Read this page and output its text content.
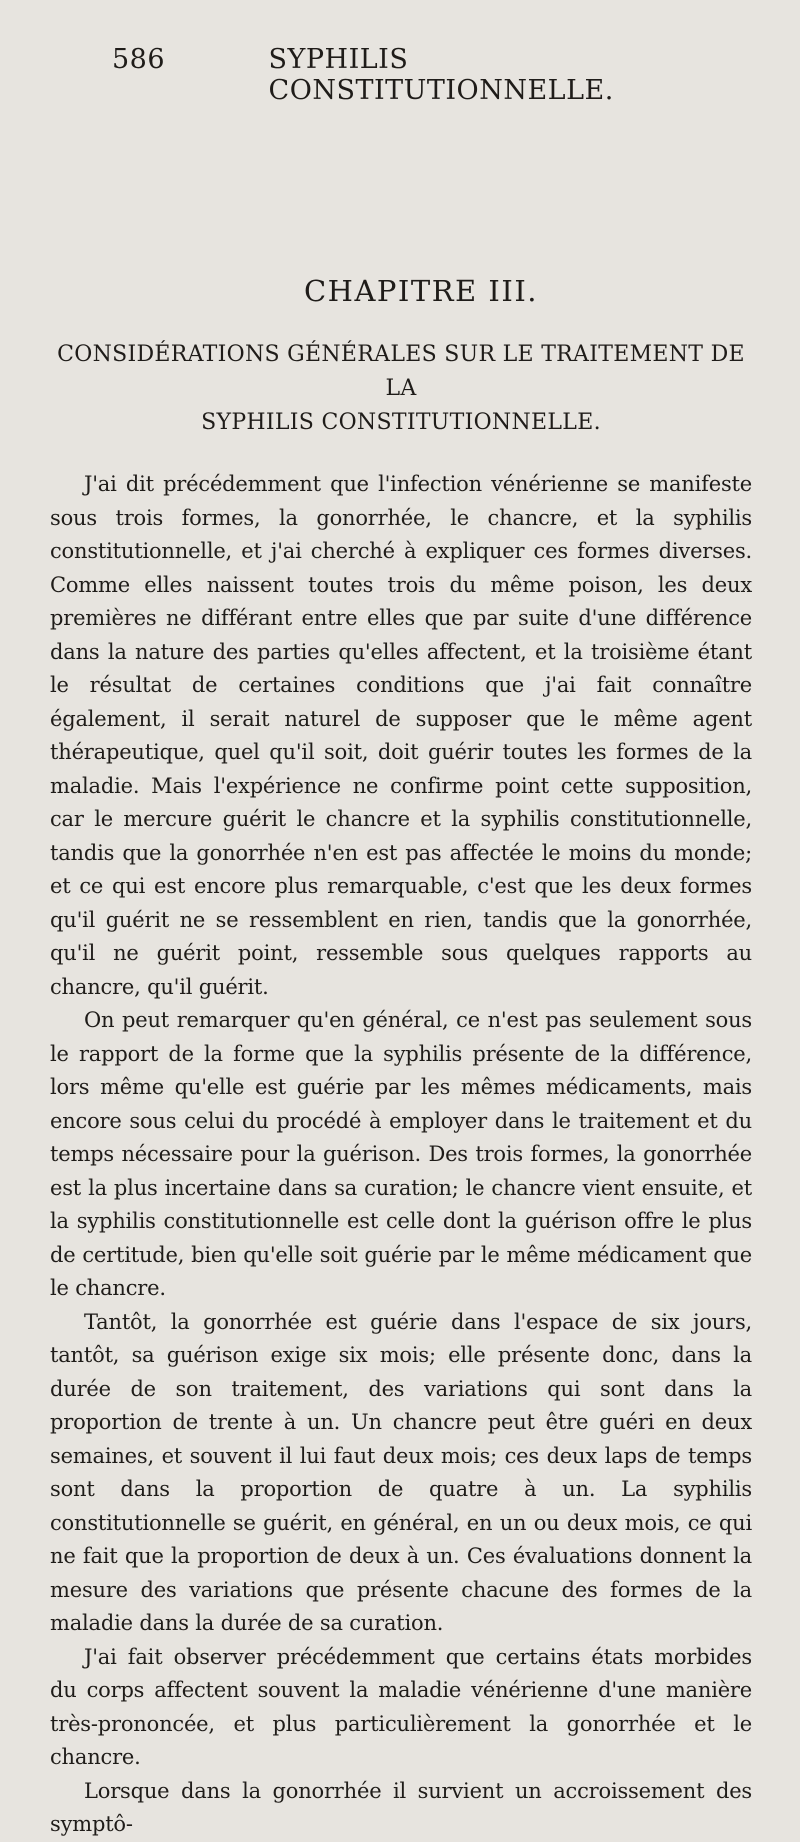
586	SYPHILIS CONSTITUTIONNELLE.
CHAPITRE III.
CONSIDÉRATIONS GÉNÉRALES SUR LE TRAITEMENT DE LA
SYPHILIS CONSTITUTIONNELLE.

J'ai dit précédemment que l'infection vénérienne se manifeste sous trois formes, la gonorrhée, le chancre, et la syphilis constitutionnelle, et j'ai cherché à expliquer ces formes diverses. Comme elles naissent toutes trois du même poison, les deux premières ne différant entre elles que par suite d'une différence dans la nature des parties qu'elles affectent, et la troisième étant le résultat de certaines conditions que j'ai fait connaître également, il serait naturel de supposer que le même agent thérapeutique, quel qu'il soit, doit guérir toutes les formes de la maladie. Mais l'expérience ne confirme point cette supposition, car le mercure guérit le chancre et la syphilis constitutionnelle, tandis que la gonorrhée n'en est pas affectée le moins du monde; et ce qui est encore plus remarquable, c'est que les deux formes qu'il guérit ne se ressemblent en rien, tandis que la gonorrhée, qu'il ne guérit point, ressemble sous quelques rapports au chancre, qu'il guérit.

On peut remarquer qu'en général, ce n'est pas seulement sous le rapport de la forme que la syphilis présente de la différence, lors même qu'elle est guérie par les mêmes médicaments, mais encore sous celui du procédé à employer dans le traitement et du temps nécessaire pour la guérison. Des trois formes, la gonorrhée est la plus incertaine dans sa curation; le chancre vient ensuite, et la syphilis constitutionnelle est celle dont la guérison offre le plus de certitude, bien qu'elle soit guérie par le même médicament que le chancre.

Tantôt, la gonorrhée est guérie dans l'espace de six jours, tantôt, sa guérison exige six mois; elle présente donc, dans la durée de son traitement, des variations qui sont dans la proportion de trente à un. Un chancre peut être guéri en deux semaines, et souvent il lui faut deux mois; ces deux laps de temps sont dans la proportion de quatre à un. La syphilis constitutionnelle se guérit, en général, en un ou deux mois, ce qui ne fait que la proportion de deux à un. Ces évaluations donnent la mesure des variations que présente chacune des formes de la maladie dans la durée de sa curation.

J'ai fait observer précédemment que certains états morbides du corps affectent souvent la maladie vénérienne d'une manière très-prononcée, et plus particulièrement la gonorrhée et le chancre.

Lorsque dans la gonorrhée il survient un accroissement des symptô-
